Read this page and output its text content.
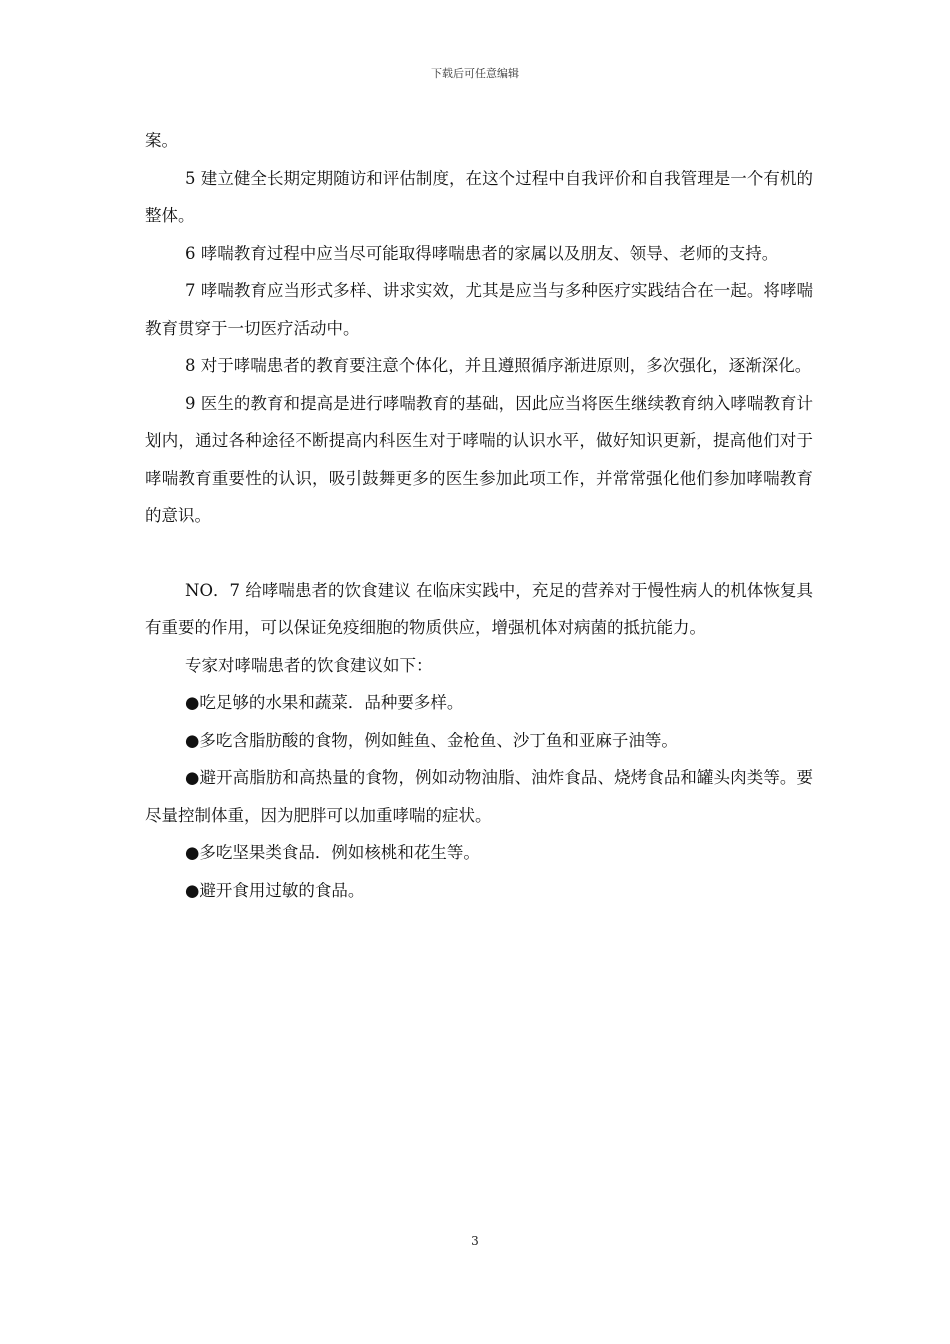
下载后可任意编辑

案。

5 建立健全长期定期随访和评估制度，在这个过程中自我评价和自我管理是一个有机的整体。

6 哮喘教育过程中应当尽可能取得哮喘患者的家属以及朋友、领导、老师的支持。

7 哮喘教育应当形式多样、讲求实效，尤其是应当与多种医疗实践结合在一起。将哮喘教育贯穿于一切医疗活动中。

8 对于哮喘患者的教育要注意个体化，并且遵照循序渐进原则，多次强化，逐渐深化。

9 医生的教育和提高是进行哮喘教育的基础，因此应当将医生继续教育纳入哮喘教育计划内，通过各种途径不断提高内科医生对于哮喘的认识水平，做好知识更新，提高他们对于哮喘教育重要性的认识，吸引鼓舞更多的医生参加此项工作，并常常强化他们参加哮喘教育的意识。

NO．7 给哮喘患者的饮食建议 在临床实践中，充足的营养对于慢性病人的机体恢复具有重要的作用，可以保证免疫细胞的物质供应，增强机体对病菌的抵抗能力。

专家对哮喘患者的饮食建议如下：

●吃足够的水果和蔬菜．品种要多样。

●多吃含脂肪酸的食物，例如鲑鱼、金枪鱼、沙丁鱼和亚麻子油等。

●避开高脂肪和高热量的食物，例如动物油脂、油炸食品、烧烤食品和罐头肉类等。要尽量控制体重，因为肥胖可以加重哮喘的症状。

●多吃坚果类食品．例如核桃和花生等。

●避开食用过敏的食品。

3
